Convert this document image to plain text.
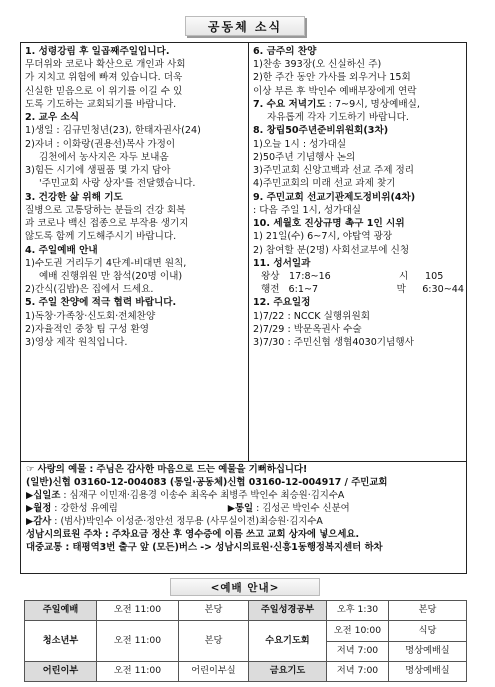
공동체 소식
1. 성령강림 후 일곱째주일입니다.
무더위와 코로나 확산으로 개인과 사회
가 지치고 위험에 빠져 있습니다. 더욱
신실한 믿음으로 이 위기를 이길 수 있
도록 기도하는 교회되기를 바랍니다.
2. 교우 소식
1)생일 : 김규민청년(23), 한태자권사(24)
2)자녀 : 이화랑(권용선)목사 가정이
김천에서 농사지은 자두 보내옴
3)힘든 시기에 생필품 몇 가지 담아
'주민교회 사랑 상자'를 전달했습니다.
3. 건강한 삶 위해 기도
질병으로 고통당하는 분들의 건강 회복
과 코로나 백신 접종으로 부작용 생기지
않도록 함께 기도해주시기 바랍니다.
4. 주일예배 안내
1)수도권 거리두기 4단계-비대면 원칙,
예배 진행위원 만 참석(20명 이내)
2)간식(김밥)은 집에서 드세요.
5. 주일 찬양에 적극 협력 바랍니다.
1)독창·가족창·신도회·전체찬양
2)자율적인 중창 팀 구성 환영
3)영상 제작 원칙입니다.
6. 금주의 찬양
1)찬송 393장(오 신실하신 주)
2)한 주간 동안 가사를 외우거나 15회
이상 부른 후 박인수 예배부장에게 연락
7. 수요 저녁기도 : 7~9시, 명상예배실,
자유롭게 각자 기도하기 바랍니다.
8. 창립50주년준비위원회(3차)
1)오늘 1시 : 성가대실
2)50주년 기념행사 논의
3)주민교회 신앙고백과 선교 주제 정리
4)주민교회의 미래 선교 과제 찾기
9. 주민교회 선교기관제도정비위(4차)
: 다음 주일 1시, 성가대실
10. 세월호 진상규명 촉구 1인 시위
1) 21일(수) 6~7시, 야탑역 광장
2) 참여할 분(2명) 사회선교부에 신청
11. 성서일과
왕상 17:8~16	시	105
행전 6:1~7	막	6:30~44
12. 주요일정
1)7/22 : NCCK 실행위원회
2)7/29 : 박문옥권사 수술
3)7/30 : 주민신협 생협4030기념행사
☞ 사랑의 예물 : 주님은 감사한 마음으로 드는 예물을 기뻐하십니다!
(일반)신협 03160-12-004083 (통일·공동체)신협 03160-12-004917 / 주민교회
▶십일조 : 심재구 이민재·김용경 이송수 최옥수 최병주 박인수 최승원·김지수A
▶월정 : 강한성 유예림	▶통일 : 김성곤 박인수 신분여
▶감사 : (범사)박인수 이성준·정안선 정무용 (사무실이전)최승원·김지수A
성남시의료원 주차 : 주차요금 정산 후 영수증에 이름 쓰고 교회 상자에 넣으세요.
대중교통 : 태평역3번 출구 앞 (모든)버스 -> 성남시의료원·신흥1동행정복지센터 하차
<예배 안내>
주일예배	오전 11:00	본당	주일성경공부	오후 1:30	본당
청소년부	오전 11:00	본당	수요기도회	오전 10:00	식당
				저녁 7:00	명상예배실
어린이부	오전 11:00	어린이부실	금요기도	저녁 7:00	명상예배실
